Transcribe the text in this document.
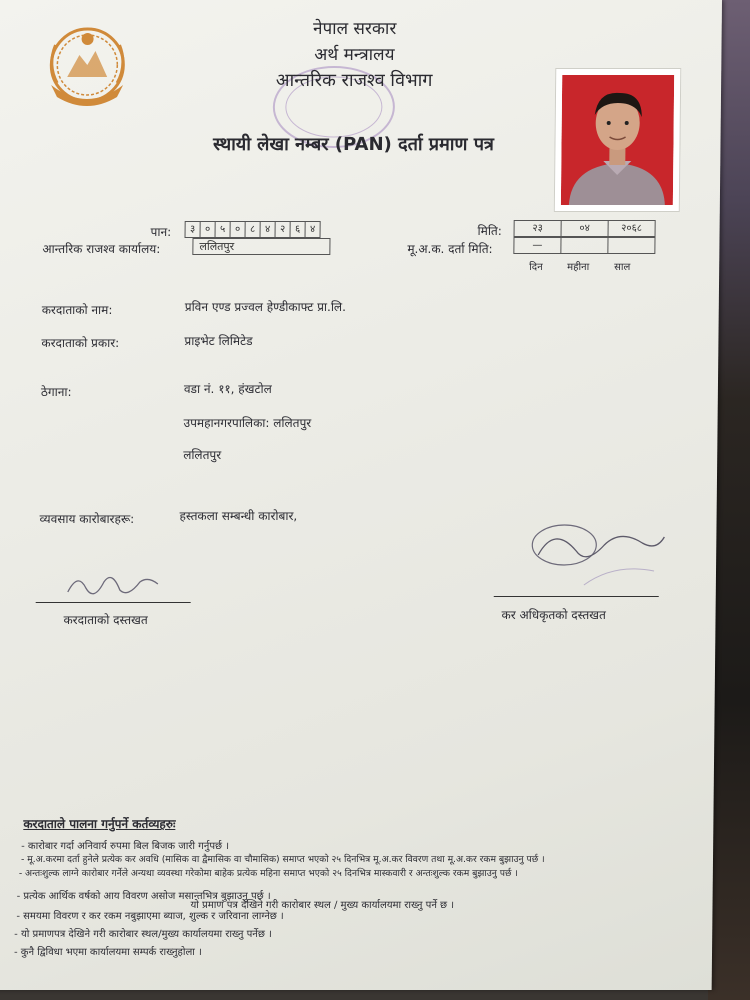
नेपाल सरकार
अर्थ मन्त्रालय
आन्तरिक राजश्व विभाग
स्थायी लेखा नम्बर (PAN) दर्ता प्रमाण पत्र
पान:	३ ० ५ ० ८ ४ २ ६ ४
आन्तरिक राजश्व कार्यालय:	ललितपुर
मिति:	२३	०४	२०६८
मू.अ.क. दर्ता मिति:	—
दिन महीना साल
करदाताको नाम:	प्रविन एण्ड प्रज्वल हेण्डीकाफ्ट प्रा.लि.
करदाताको प्रकार:	प्राइभेट लिमिटेड
ठेगाना:	वडा नं. ११, हंखटोल
उपमहानगरपालिका: ललितपुर
ललितपुर
व्यवसाय कारोबारहरू:	हस्तकला सम्बन्धी कारोबार,
करदाताको दस्तखत	कर अधिकृतको दस्तखत
करदाताले पालना गर्नुपर्ने कर्तव्यहरुः
- कारोबार गर्दा अनिवार्य रुपमा बिल बिजक जारी गर्नुपर्छ ।
- मू.अ.करमा दर्ता हुनेले प्रत्येक कर अवधि (मासिक वा द्वैमासिक वा चौमासिक) समाप्त भएको २५ दिनभित्र मू.अ.कर विवरण तथा मू.अ.कर रकम बुझाउनु पर्छ ।
- अन्तःशुल्क लाग्ने कारोबार गर्नेले अन्यथा व्यवस्था गरेकोमा बाहेक प्रत्येक महिना समाप्त भएको २५ दिनभित्र मास्कवारी र अन्तःशुल्क रकम बुझाउनु पर्छ ।
- प्रत्येक आर्थिक वर्षको आय विवरण असोज मसान्तभित्र बुझाउनु पर्छ ।
यो प्रमाण पत्र देखिने गरी कारोबार स्थल / मुख्य कार्यालयमा राख्नु पर्ने छ ।
- समयमा विवरण र कर रकम नबुझाएमा ब्याज, शुल्क र जरिवाना लाग्नेछ ।
- यो प्रमाणपत्र देखिने गरी कारोबार स्थल/मुख्य कार्यालयमा राख्नु पर्नेछ ।
- कुनै द्विविधा भएमा कार्यालयमा सम्पर्क राख्नुहोला ।
